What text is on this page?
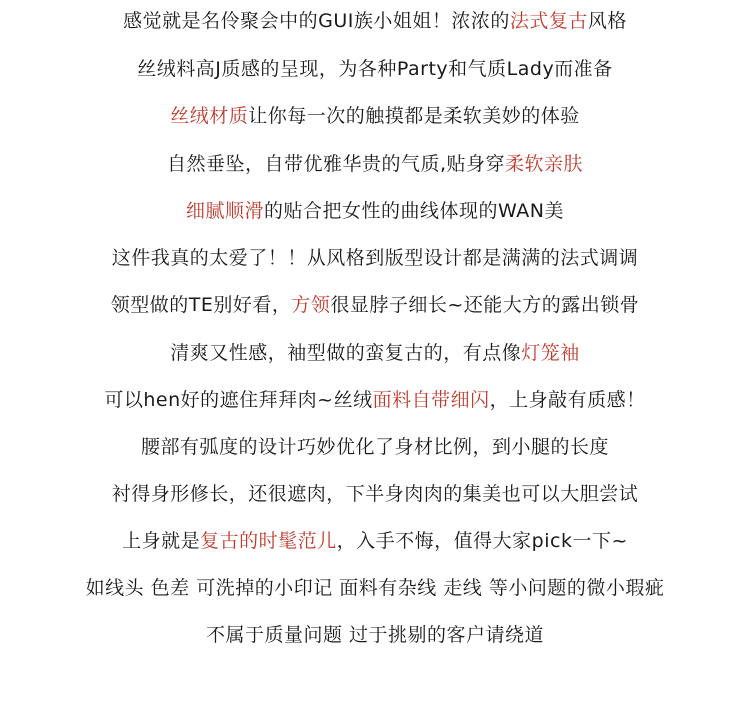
感觉就是名伶聚会中的GUI族小姐姐！浓浓的法式复古风格
丝绒料高J质感的呈现，为各种Party和气质Lady而准备
丝绒材质让你每一次的触摸都是柔软美妙的体验
自然垂坠，自带优雅华贵的气质,贴身穿柔软亲肤
细腻顺滑的贴合把女性的曲线体现的WAN美
这件我真的太爱了！！从风格到版型设计都是满满的法式调调
领型做的TE别好看，方领很显脖子细长~还能大方的露出锁骨
清爽又性感，袖型做的蛮复古的，有点像灯笼袖
可以hen好的遮住拜拜肉~丝绒面料自带细闪，上身敲有质感！
腰部有弧度的设计巧妙优化了身材比例，到小腿的长度
衬得身形修长，还很遮肉，下半身肉肉的集美也可以大胆尝试
上身就是复古的时髦范儿，入手不悔，值得大家pick一下~
如线头 色差 可洗掉的小印记 面料有杂线 走线 等小问题的微小瑕疵
不属于质量问题 过于挑剔的客户请绕道
